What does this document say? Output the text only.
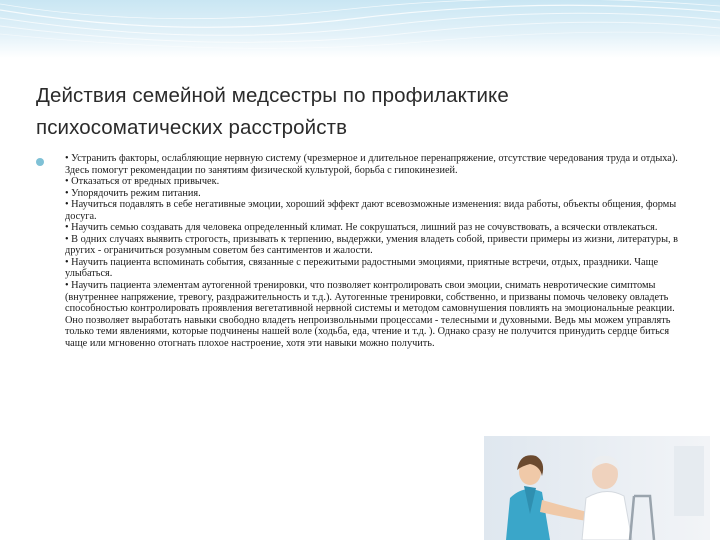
Действия семейной медсестры по профилактике психосоматических расстройств
• Устранить факторы, ослабляющие нервную систему (чрезмерное и длительное перенапряжение, отсутствие чередования труда и отдыха). Здесь помогут рекомендации по занятиям физической культурой, борьба с гипокинезией.
• Отказаться от вредных привычек.
• Упорядочить режим питания.
• Научиться подавлять в себе негативные эмоции, хороший эффект дают всевозможные изменения: вида работы, объекты общения, формы досуга.
• Научить семью создавать для человека определенный климат. Не сокрушаться, лишний раз не сочувствовать, а всячески отвлекаться.
• В одних случаях выявить строгость, призывать к терпению, выдержки, умения владеть собой, привести примеры из жизни, литературы, в других - ограничиться розумным советом без сантиментов и жалости.
• Научить пациента вспоминать события, связанные с пережитыми радостными эмоциями, приятные встречи, отдых, праздники. Чаще улыбаться.
• Научить пациента элементам аутогенной тренировки, что позволяет контролировать свои эмоции, снимать невротические симптомы (внутреннее напряжение, тревогу, раздражительность и т.д.). Аутогенные тренировки, собственно, и призваны помочь человеку овладеть способностью контролировать проявления вегетативной нервной системы и методом самовнушения повлиять на эмоциональные реакции. Оно позволяет выработать навыки свободно владеть непроизвольными процессами - телесными и духовными. Ведь мы можем управлять только теми явлениями, которые подчинены нашей воле (ходьба, еда, чтение и т.д. ). Однако сразу не получится принудить сердце биться чаще или мгновенно отогнать плохое настроение, хотя эти навыки можно получить.
